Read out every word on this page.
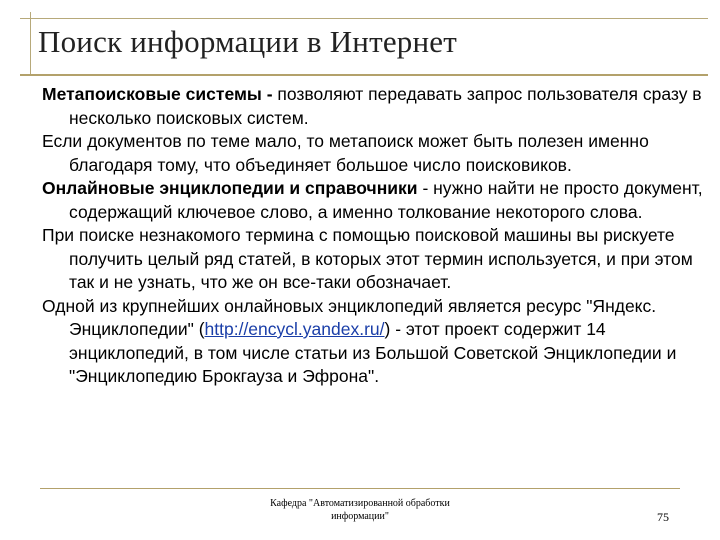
Поиск информации в Интернет

Метапоисковые системы - позволяют передавать запрос пользователя сразу в несколько поисковых систем.

Если документов по теме мало, то метапоиск может быть полезен именно благодаря тому, что объединяет большое число поисковиков.

Онлайновые энциклопедии и справочники - нужно найти не просто документ, содержащий ключевое слово, а именно толкование некоторого слова.

При поиске незнакомого термина с помощью поисковой машины вы рискуете получить целый ряд статей, в которых этот термин используется, и при этом так и не узнать, что же он все-таки обозначает.

Одной из крупнейших онлайновых энциклопедий является ресурс "Яндекс. Энциклопедии" (http://encycl.yandex.ru/) - этот проект содержит 14 энциклопедий, в том числе статьи из Большой Советской Энциклопедии и "Энциклопедию Брокгауза и Эфрона".

Кафедра "Автоматизированной обработки
информации"	75
